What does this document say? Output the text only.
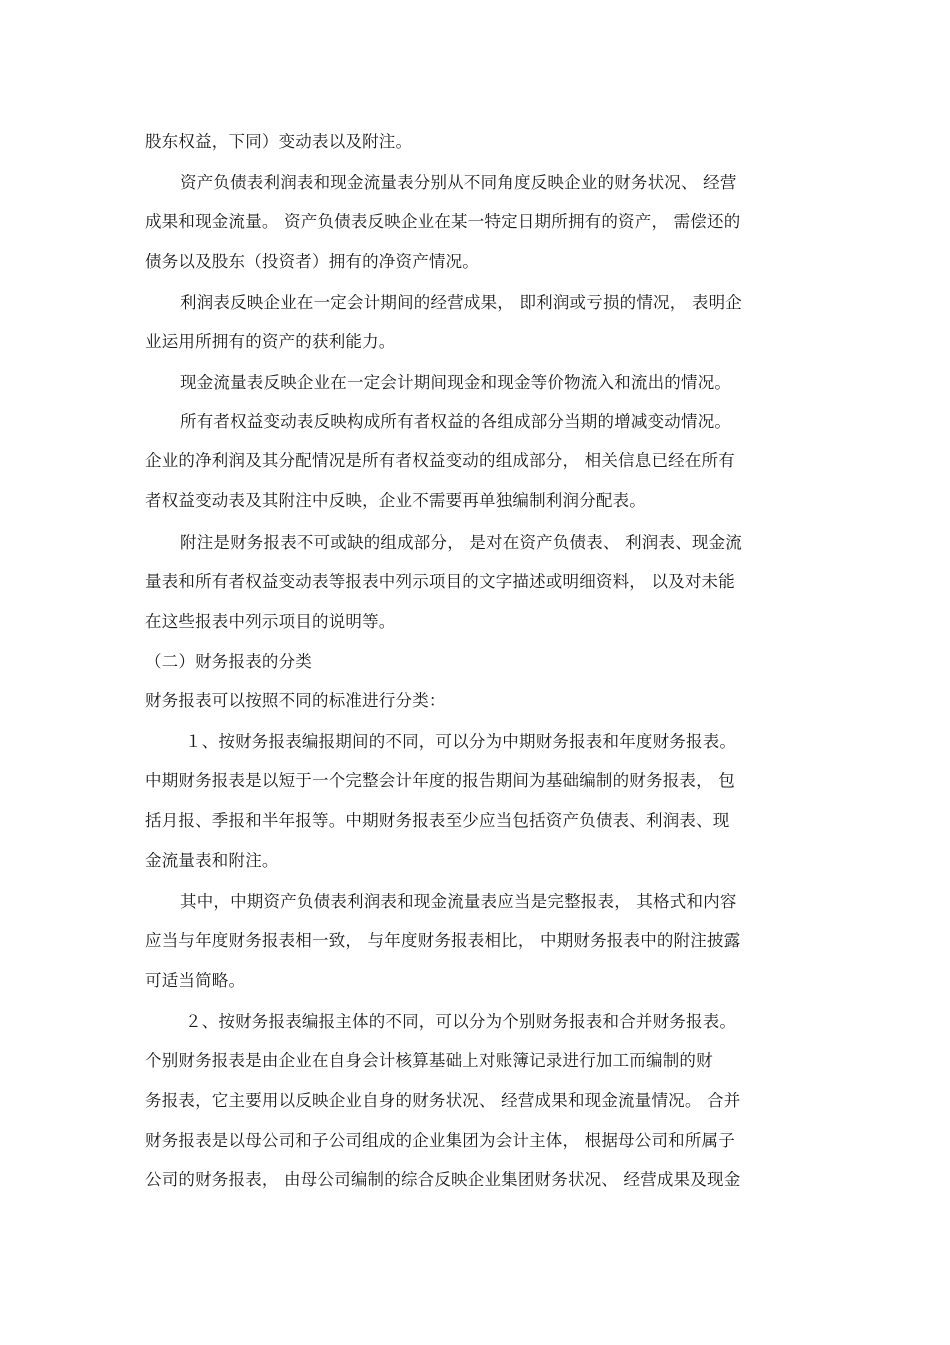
股东权益，下同）变动表以及附注。
资产负债表利润表和现金流量表分别从不同角度反映企业的财务状况、 经营
成果和现金流量。 资产负债表反映企业在某一特定日期所拥有的资产， 需偿还的
债务以及股东（投资者）拥有的净资产情况。
利润表反映企业在一定会计期间的经营成果， 即利润或亏损的情况， 表明企
业运用所拥有的资产的获利能力。
现金流量表反映企业在一定会计期间现金和现金等价物流入和流出的情况。
所有者权益变动表反映构成所有者权益的各组成部分当期的增减变动情况。
企业的净利润及其分配情况是所有者权益变动的组成部分， 相关信息已经在所有
者权益变动表及其附注中反映，企业不需要再单独编制利润分配表。
附注是财务报表不可或缺的组成部分， 是对在资产负债表、 利润表、现金流
量表和所有者权益变动表等报表中列示项目的文字描述或明细资料， 以及对未能
在这些报表中列示项目的说明等。
（二）财务报表的分类
财务报表可以按照不同的标准进行分类：
１、按财务报表编报期间的不同，可以分为中期财务报表和年度财务报表。
中期财务报表是以短于一个完整会计年度的报告期间为基础编制的财务报表， 包
括月报、季报和半年报等。中期财务报表至少应当包括资产负债表、利润表、现
金流量表和附注。
其中，中期资产负债表利润表和现金流量表应当是完整报表， 其格式和内容
应当与年度财务报表相一致， 与年度财务报表相比， 中期财务报表中的附注披露
可适当简略。
２、按财务报表编报主体的不同，可以分为个别财务报表和合并财务报表。
个别财务报表是由企业在自身会计核算基础上对账簿记录进行加工而编制的财
务报表，它主要用以反映企业自身的财务状况、 经营成果和现金流量情况。 合并
财务报表是以母公司和子公司组成的企业集团为会计主体， 根据母公司和所属子
公司的财务报表， 由母公司编制的综合反映企业集团财务状况、 经营成果及现金
